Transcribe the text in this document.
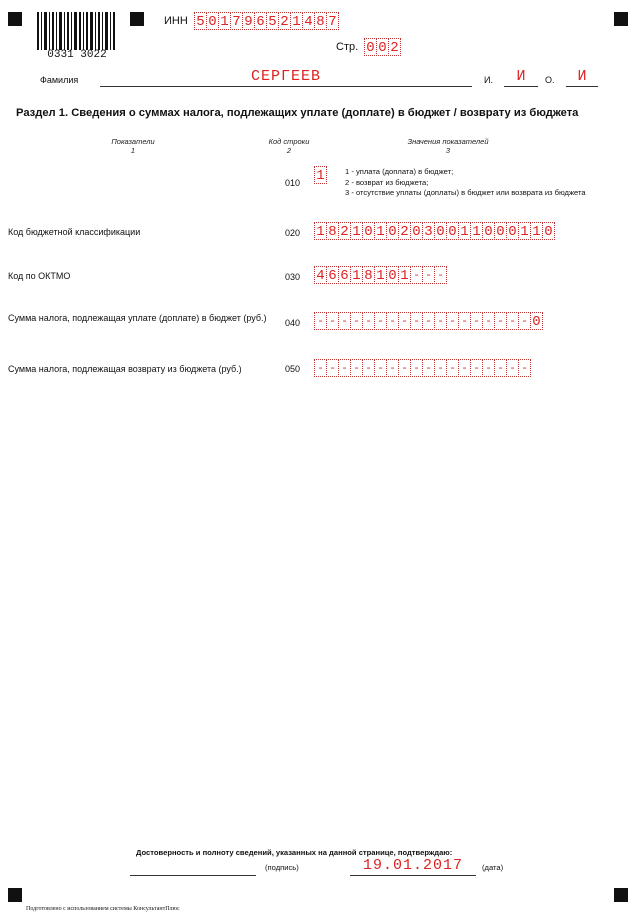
0331 3022
ИНН 5 0 1 7 9 6 5 2 1 4 8 7
Стр. 0 0 2
Фамилия	СЕРГЕЕВ	И.	И	О.	И
Раздел 1. Сведения о суммах налога, подлежащих уплате (доплате) в бюджет / возврату из бюджета
Показатели
1
Код строки
2
Значения показателей
3
010 1	1 - уплата (доплата) в бюджет;
2 - возврат из бюджета;
3 - отсутствие уплаты (доплаты) в бюджет или возврата из бюджета
Код бюджетной классификации	020 1 8 2 1 0 1 0 2 0 3 0 0 1 1 0 0 0 1 1 0
Код по ОКТМО	030 4 6 6 1 8 1 0 1 - - -
Сумма налога, подлежащая уплате (доплате) в бюджет (руб.) 040 - - - - - - - - - - - - - - - - - - 0
Сумма налога, подлежащая возврату из бюджета (руб.)	050 - - - - - - - - - - - - - - - - - -
Достоверность и полноту сведений, указанных на данной странице, подтверждаю:
(подпись)	19.01.2017	(дата)
Подготовлено с использованием системы КонсультантПлюс
